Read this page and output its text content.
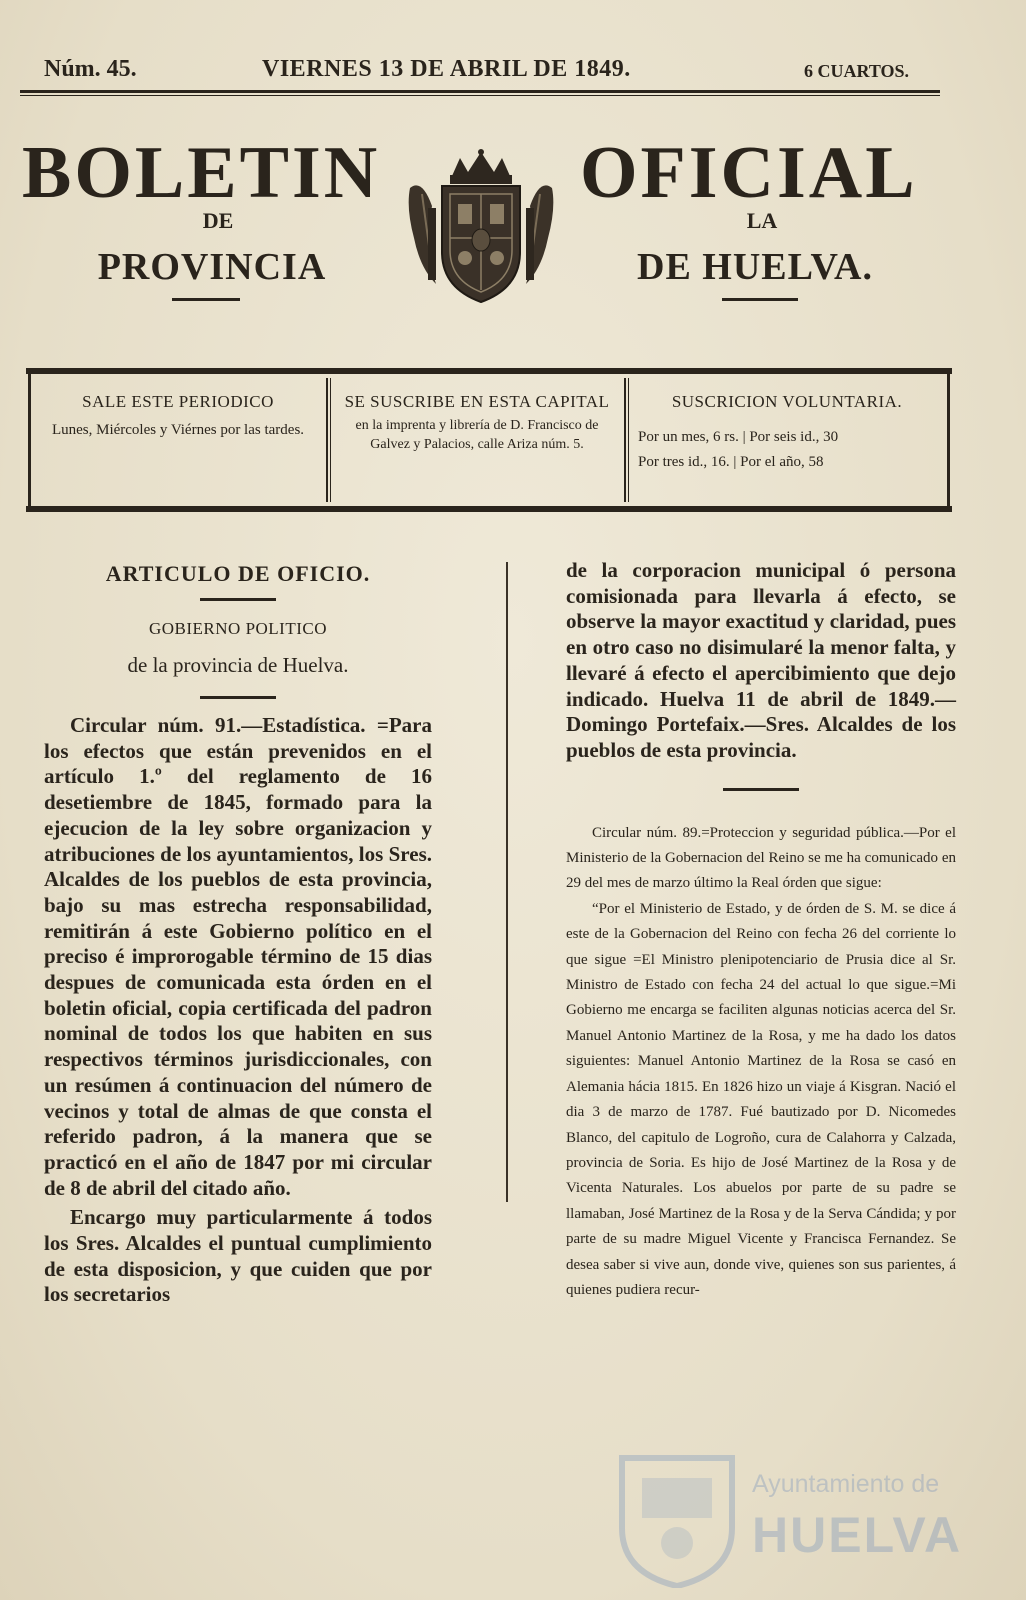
Núm. 45.	VIERNES 13 DE ABRIL DE 1849.	6 CUARTOS.
BOLETIN	OFICIAL
DE	LA
PROVINCIA	DE HUELVA.
SALE ESTE PERIODICO
Lunes, Miércoles y Viérnes por las tardes.
SE SUSCRIBE EN ESTA CAPITAL
en la imprenta y librería de D. Francisco de Galvez y Palacios, calle Ariza núm. 5.
SUSCRICION VOLUNTARIA.
Por un mes, 6 rs. | Por seis id., 30
Por tres id., 16. | Por el año, 58

ARTICULO DE OFICIO.

GOBIERNO POLITICO

de la provincia de Huelva.

Circular núm. 91.—Estadística. =Para los efectos que están prevenidos en el artículo 1.º del reglamento de 16 desetiembre de 1845, formado para la ejecucion de la ley sobre organizacion y atribuciones de los ayuntamientos, los Sres. Alcaldes de los pueblos de esta provincia, bajo su mas estrecha responsabilidad, remitirán á este Gobierno político en el preciso é improrogable término de 15 dias despues de comunicada esta órden en el boletin oficial, copia certificada del padron nominal de todos los que habiten en sus respectivos términos jurisdiccionales, con un resúmen á continuacion del número de vecinos y total de almas de que consta el referido padron, á la manera que se practicó en el año de 1847 por mi circular de 8 de abril del citado año.

Encargo muy particularmente á todos los Sres. Alcaldes el puntual cumplimiento de esta disposicion, y que cuiden que por los secretarios

de la corporacion municipal ó persona comisionada para llevarla á efecto, se observe la mayor exactitud y claridad, pues en otro caso no disimularé la menor falta, y llevaré á efecto el apercibimiento que dejo indicado. Huelva 11 de abril de 1849.—Domingo Portefaix.—Sres. Alcaldes de los pueblos de esta provincia.

Circular núm. 89.=Proteccion y seguridad pública.—Por el Ministerio de la Gobernacion del Reino se me ha comunicado en 29 del mes de marzo último la Real órden que sigue:

“Por el Ministerio de Estado, y de órden de S. M. se dice á este de la Gobernacion del Reino con fecha 26 del corriente lo que sigue =El Ministro plenipotenciario de Prusia dice al Sr. Ministro de Estado con fecha 24 del actual lo que sigue.=Mi Gobierno me encarga se faciliten algunas noticias acerca del Sr. Manuel Antonio Martinez de la Rosa, y me ha dado los datos siguientes: Manuel Antonio Martinez de la Rosa se casó en Alemania hácia 1815. En 1826 hizo un viaje á Kisgran. Nació el dia 3 de marzo de 1787. Fué bautizado por D. Nicomedes Blanco, del capitulo de Logroño, cura de Calahorra y Calzada, provincia de Soria. Es hijo de José Martinez de la Rosa y de Vicenta Naturales. Los abuelos por parte de su padre se llamaban, José Martinez de la Rosa y de la Serva Cándida; y por parte de su madre Miguel Vicente y Francisca Fernandez. Se desea saber si vive aun, donde vive, quienes son sus parientes, á quienes pudiera recur-

Ayuntamiento de
HUELVA
